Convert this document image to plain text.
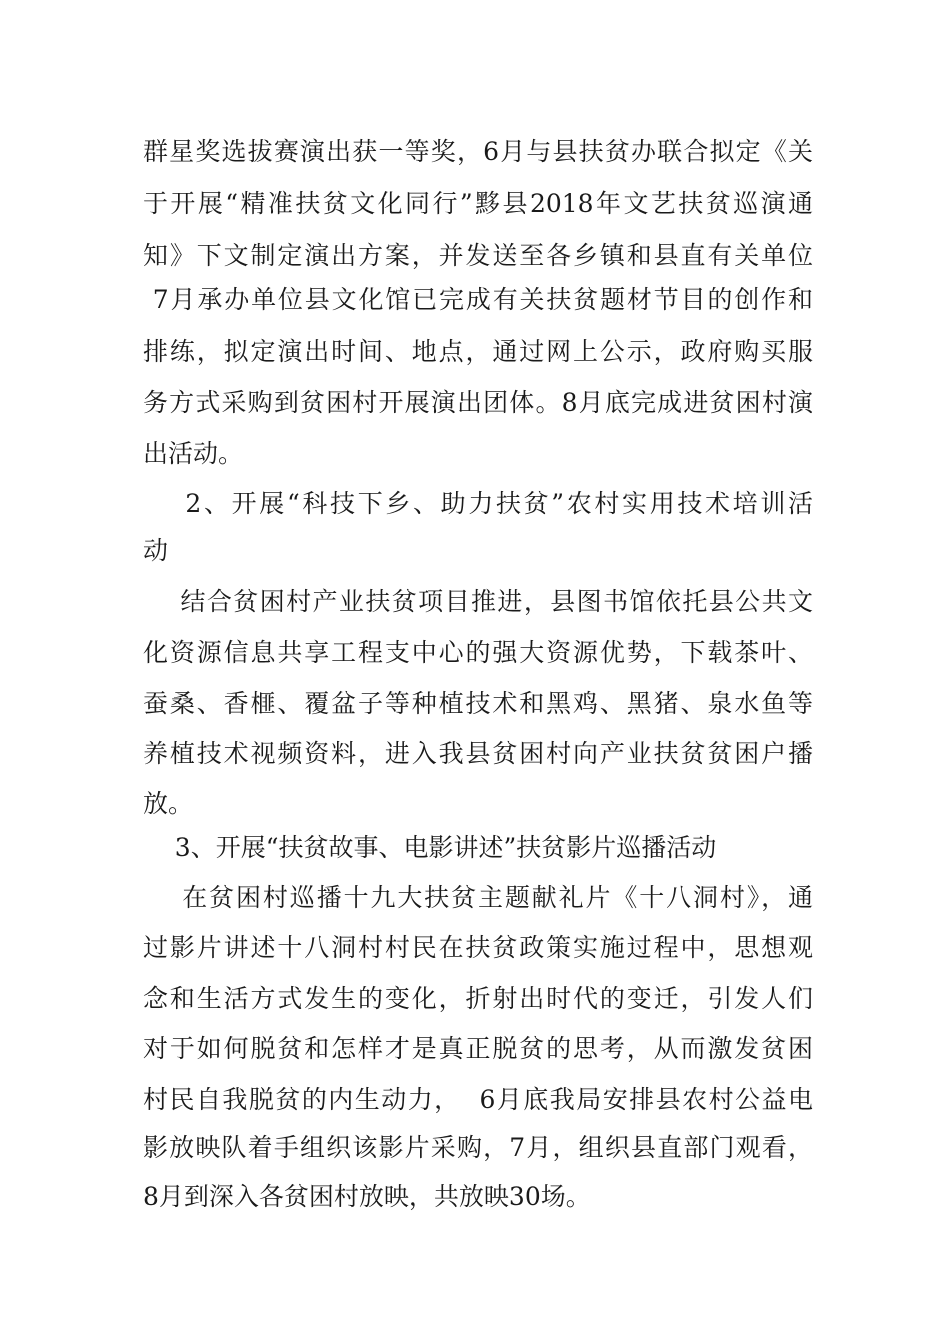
群星奖选拔赛演出获一等奖，6月与县扶贫办联合拟定《关

于开展“精准扶贫文化同行”黟县2018年文艺扶贫巡演通

知》下文制定演出方案，并发送至各乡镇和县直有关单位

7月承办单位县文化馆已完成有关扶贫题材节目的创作和

排练，拟定演出时间、地点，通过网上公示，政府购买服

务方式采购到贫困村开展演出团体。8月底完成进贫困村演

出活动。

2、开展“科技下乡、助力扶贫”农村实用技术培训活

动

结合贫困村产业扶贫项目推进，县图书馆依托县公共文

化资源信息共享工程支中心的强大资源优势，下载茶叶、

蚕桑、香榧、覆盆子等种植技术和黑鸡、黑猪、泉水鱼等

养植技术视频资料，进入我县贫困村向产业扶贫贫困户播

放。

3、开展“扶贫故事、电影讲述”扶贫影片巡播活动

在贫困村巡播十九大扶贫主题献礼片《十八洞村》，通

过影片讲述十八洞村村民在扶贫政策实施过程中，思想观

念和生活方式发生的变化，折射出时代的变迁，引发人们

对于如何脱贫和怎样才是真正脱贫的思考，从而激发贫困

村民自我脱贫的内生动力，  6月底我局安排县农村公益电

影放映队着手组织该影片采购，7月，组织县直部门观看，

8月到深入各贫困村放映，共放映30场。
